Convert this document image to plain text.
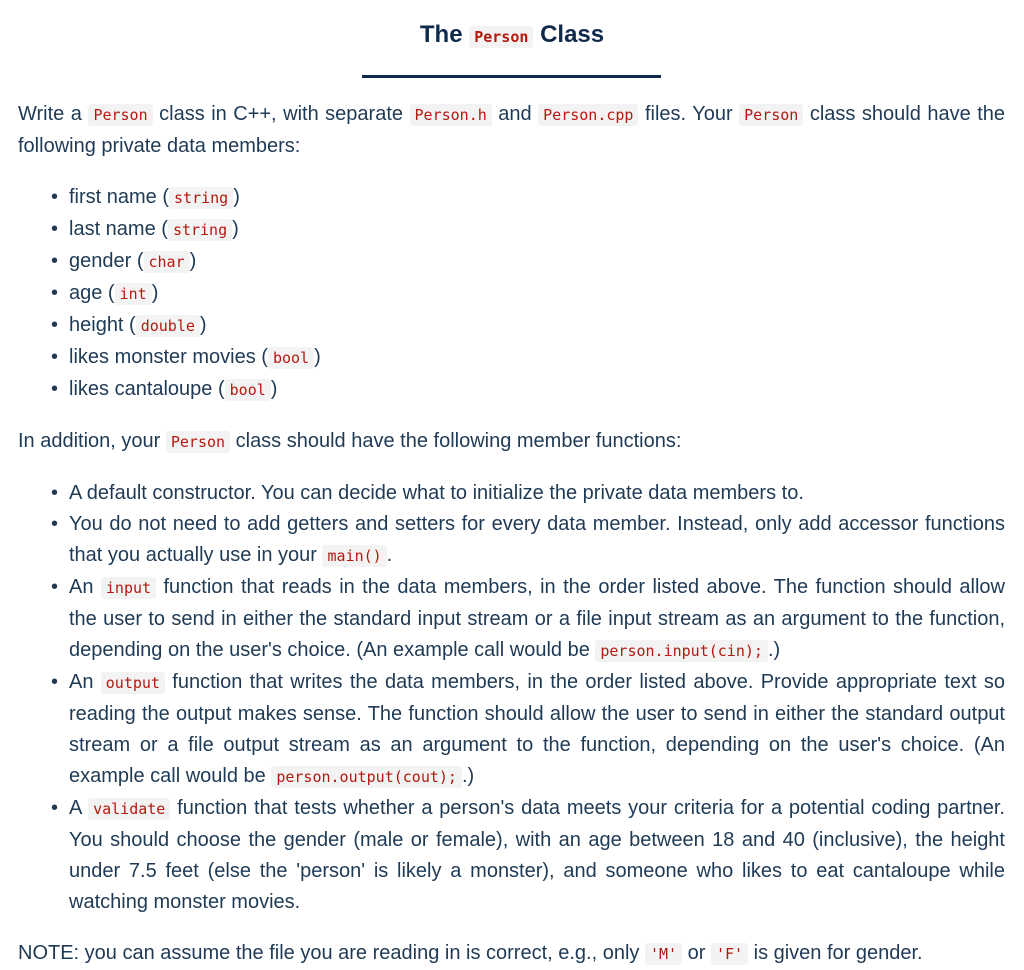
The Person Class

Write a Person class in C++, with separate Person.h and Person.cpp files. Your Person class should have the following private data members:

• first name ( string )
• last name ( string )
• gender ( char )
• age ( int )
• height ( double )
• likes monster movies ( bool )
• likes cantaloupe ( bool )

In addition, your Person class should have the following member functions:

• A default constructor. You can decide what to initialize the private data members to.
• You do not need to add getters and setters for every data member. Instead, only add accessor functions that you actually use in your main() .
• An input function that reads in the data members, in the order listed above. The function should allow the user to send in either the standard input stream or a file input stream as an argument to the function, depending on the user's choice. (An example call would be person.input(cin); .)
• An output function that writes the data members, in the order listed above. Provide appropriate text so reading the output makes sense. The function should allow the user to send in either the standard output stream or a file output stream as an argument to the function, depending on the user's choice. (An example call would be person.output(cout); .)
• A validate function that tests whether a person's data meets your criteria for a potential coding partner. You should choose the gender (male or female), with an age between 18 and 40 (inclusive), the height under 7.5 feet (else the 'person' is likely a monster), and someone who likes to eat cantaloupe while watching monster movies.

NOTE: you can assume the file you are reading in is correct, e.g., only 'M' or 'F' is given for gender.
